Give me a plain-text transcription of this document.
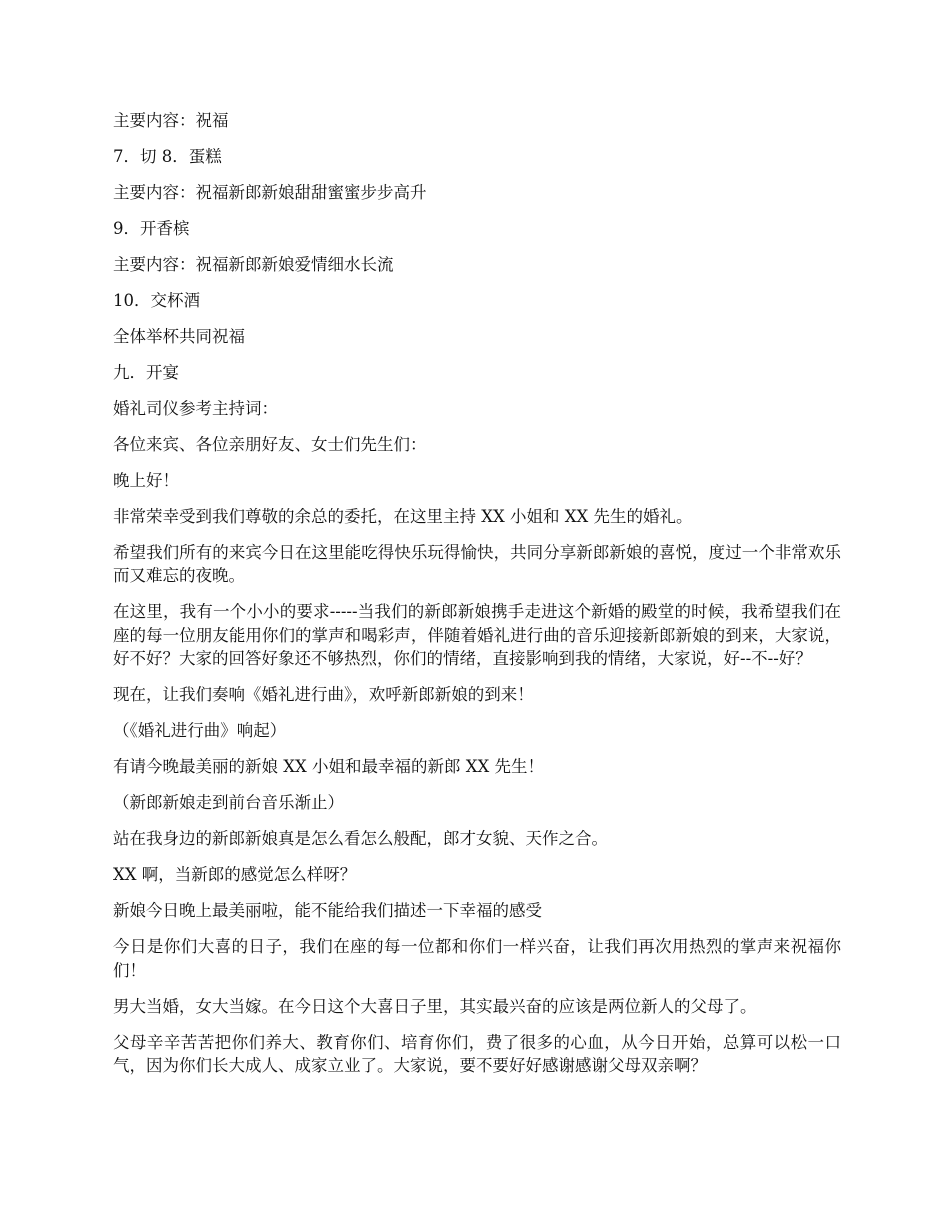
主要内容：祝福

7．切 8．蛋糕

主要内容：祝福新郎新娘甜甜蜜蜜步步高升

9．开香槟

主要内容：祝福新郎新娘爱情细水长流

10．交杯酒

全体举杯共同祝福

九．开宴

婚礼司仪参考主持词：

各位来宾、各位亲朋好友、女士们先生们：

晚上好！

非常荣幸受到我们尊敬的余总的委托，在这里主持 XX 小姐和 XX 先生的婚礼。

希望我们所有的来宾今日在这里能吃得快乐玩得愉快，共同分享新郎新娘的喜悦，度过一个非常欢乐而又难忘的夜晚。

在这里，我有一个小小的要求-----当我们的新郎新娘携手走进这个新婚的殿堂的时候，我希望我们在座的每一位朋友能用你们的掌声和喝彩声，伴随着婚礼进行曲的音乐迎接新郎新娘的到来，大家说，好不好？大家的回答好象还不够热烈，你们的情绪，直接影响到我的情绪，大家说，好--不--好？

现在，让我们奏响《婚礼进行曲》，欢呼新郎新娘的到来！

（《婚礼进行曲》响起）

有请今晚最美丽的新娘 XX 小姐和最幸福的新郎 XX 先生！

（新郎新娘走到前台音乐渐止）

站在我身边的新郎新娘真是怎么看怎么般配，郎才女貌、天作之合。

XX 啊，当新郎的感觉怎么样呀？

新娘今日晚上最美丽啦，能不能给我们描述一下幸福的感受

今日是你们大喜的日子，我们在座的每一位都和你们一样兴奋，让我们再次用热烈的掌声来祝福你们！

男大当婚，女大当嫁。在今日这个大喜日子里，其实最兴奋的应该是两位新人的父母了。

父母辛辛苦苦把你们养大、教育你们、培育你们，费了很多的心血，从今日开始，总算可以松一口气，因为你们长大成人、成家立业了。大家说，要不要好好感谢感谢父母双亲啊？
